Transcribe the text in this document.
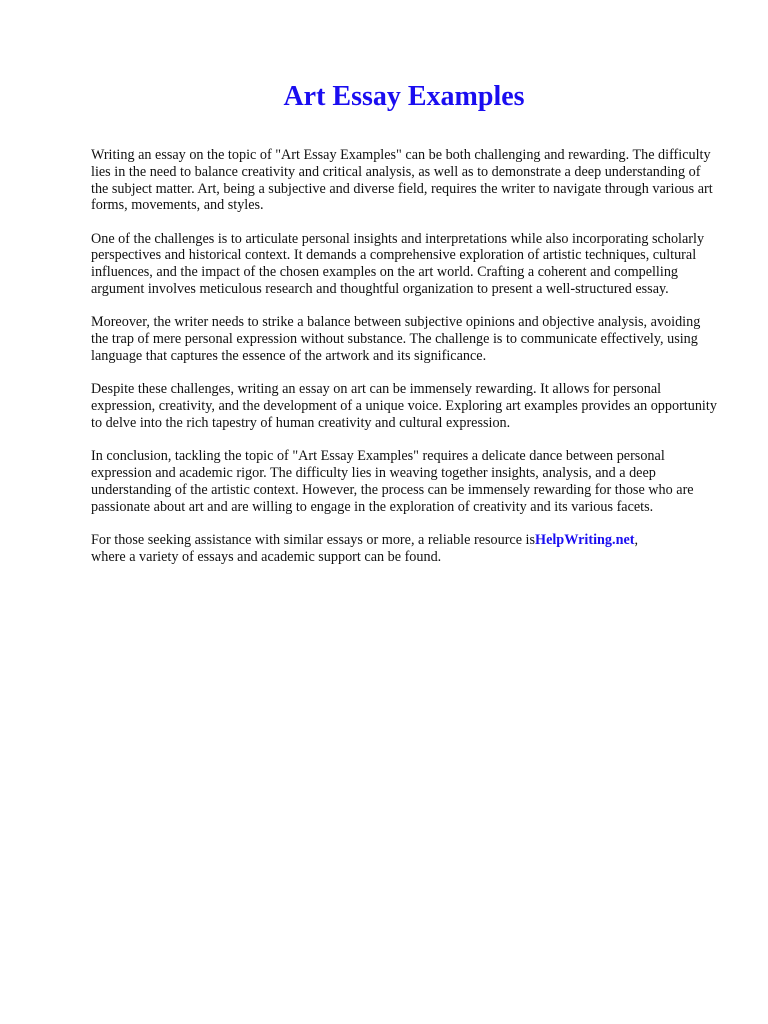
Art Essay Examples

Writing an essay on the topic of "Art Essay Examples" can be both challenging and rewarding. The difficulty lies in the need to balance creativity and critical analysis, as well as to demonstrate a deep understanding of the subject matter. Art, being a subjective and diverse field, requires the writer to navigate through various art forms, movements, and styles.

One of the challenges is to articulate personal insights and interpretations while also incorporating scholarly perspectives and historical context. It demands a comprehensive exploration of artistic techniques, cultural influences, and the impact of the chosen examples on the art world. Crafting a coherent and compelling argument involves meticulous research and thoughtful organization to present a well-structured essay.

Moreover, the writer needs to strike a balance between subjective opinions and objective analysis, avoiding the trap of mere personal expression without substance. The challenge is to communicate effectively, using language that captures the essence of the artwork and its significance.

Despite these challenges, writing an essay on art can be immensely rewarding. It allows for personal expression, creativity, and the development of a unique voice. Exploring art examples provides an opportunity to delve into the rich tapestry of human creativity and cultural expression.

In conclusion, tackling the topic of "Art Essay Examples" requires a delicate dance between personal expression and academic rigor. The difficulty lies in weaving together insights, analysis, and a deep understanding of the artistic context. However, the process can be immensely rewarding for those who are passionate about art and are willing to engage in the exploration of creativity and its various facets.

For those seeking assistance with similar essays or more, a reliable resource isHelpWriting.net,
where a variety of essays and academic support can be found.
